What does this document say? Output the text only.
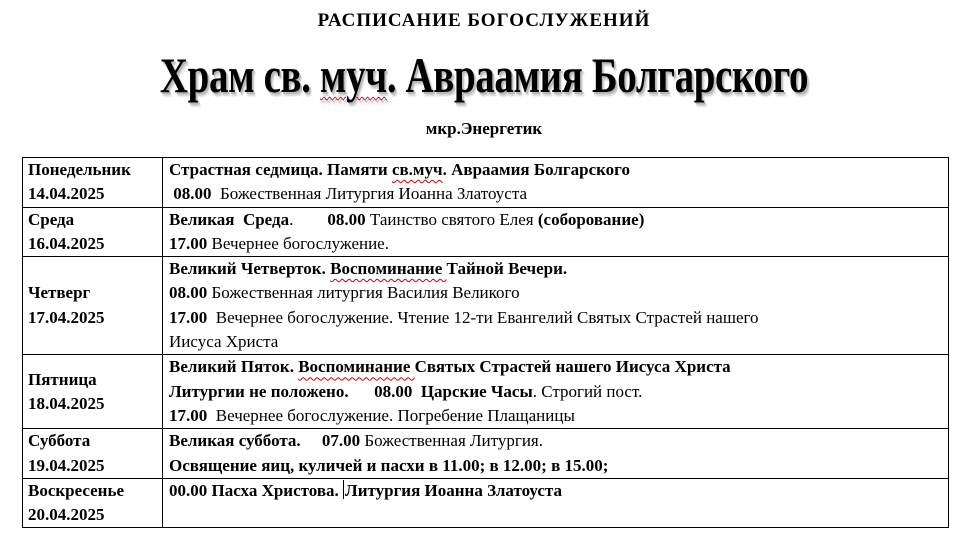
РАСПИСАНИЕ БОГОСЛУЖЕНИЙ
Храм св. муч. Авраамия Болгарского
мкр.Энергетик
Понедельник
14.04.2025	Страстная седмица. Памяти св.муч. Авраамия Болгарского
08.00  Божественная Литургия Иоанна Златоуста

Среда
16.04.2025	Великая  Среда.        08.00 Таинство святого Елея (соборование)
17.00 Вечернее богослужение.

Четверг
17.04.2025	Великий Четверток. Воспоминание Тайной Вечери.
08.00 Божественная литургия Василия Великого
17.00  Вечернее богослужение. Чтение 12-ти Евангелий Святых Страстей нашего
Иисуса Христа

Пятница
18.04.2025	Великий Пяток. Воспоминание Святых Страстей нашего Иисуса Христа
Литургии не положено.      08.00  Царские Часы. Строгий пост.
17.00  Вечернее богослужение. Погребение Плащаницы

Суббота
19.04.2025	Великая суббота.     07.00 Божественная Литургия.
Освящение яиц, куличей и пасхи в 11.00; в 12.00; в 15.00;

Воскресенье
20.04.2025	00.00 Пасха Христова. Литургия Иоанна Златоуста
